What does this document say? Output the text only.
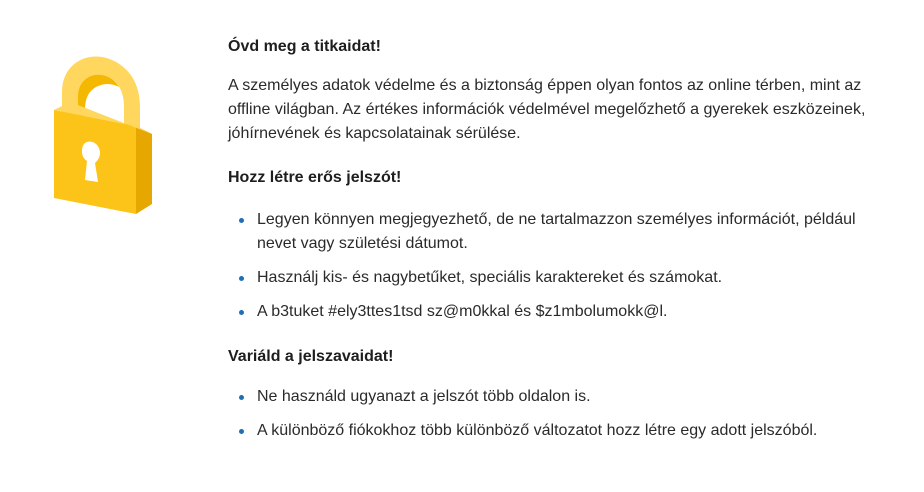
Óvd meg a titkaidat!

A személyes adatok védelme és a biztonság éppen olyan fontos az online térben, mint az offline világban. Az értékes információk védelmével megelőzhető a gyerekek eszközeinek, jóhírnevének és kapcsolatainak sérülése.

Hozz létre erős jelszót!
Legyen könnyen megjegyezhető, de ne tartalmazzon személyes információt, például nevet vagy születési dátumot.
Használj kis- és nagybetűket, speciális karaktereket és számokat.
A b3tuket #ely3ttes1tsd sz@m0kkal és $z1mbolumokk@l.
Variáld a jelszavaidat!
Ne használd ugyanazt a jelszót több oldalon is.
A különböző fiókokhoz több különböző változatot hozz létre egy adott jelszóból.
